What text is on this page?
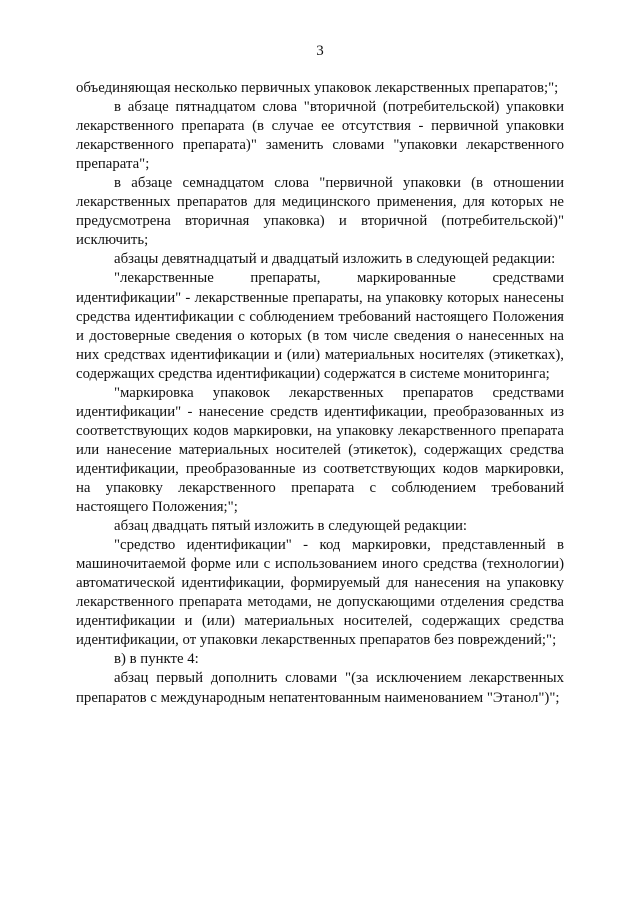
3

объединяющая несколько первичных упаковок лекарственных препаратов;";

в абзаце пятнадцатом слова "вторичной (потребительской) упаковки лекарственного препарата (в случае ее отсутствия - первичной упаковки лекарственного препарата)" заменить словами "упаковки лекарственного препарата";

в абзаце семнадцатом слова "первичной упаковки (в отношении лекарственных препаратов для медицинского применения, для которых не предусмотрена вторичная упаковка) и вторичной (потребительской)" исключить;

абзацы девятнадцатый и двадцатый изложить в следующей редакции:

"лекарственные препараты, маркированные средствами идентификации" - лекарственные препараты, на упаковку которых нанесены средства идентификации с соблюдением требований настоящего Положения и достоверные сведения о которых (в том числе сведения о нанесенных на них средствах идентификации и (или) материальных носителях (этикетках), содержащих средства идентификации) содержатся в системе мониторинга;

"маркировка упаковок лекарственных препаратов средствами идентификации" - нанесение средств идентификации, преобразованных из соответствующих кодов маркировки, на упаковку лекарственного препарата или нанесение материальных носителей (этикеток), содержащих средства идентификации, преобразованные из соответствующих кодов маркировки, на упаковку лекарственного препарата с соблюдением требований настоящего Положения;";

абзац двадцать пятый изложить в следующей редакции:

"средство идентификации" - код маркировки, представленный в машиночитаемой форме или с использованием иного средства (технологии) автоматической идентификации, формируемый для нанесения на упаковку лекарственного препарата методами, не допускающими отделения средства идентификации и (или) материальных носителей, содержащих средства идентификации, от упаковки лекарственных препаратов без повреждений;";

в) в пункте 4:

абзац первый дополнить словами "(за исключением лекарственных препаратов с международным непатентованным наименованием "Этанол")";
